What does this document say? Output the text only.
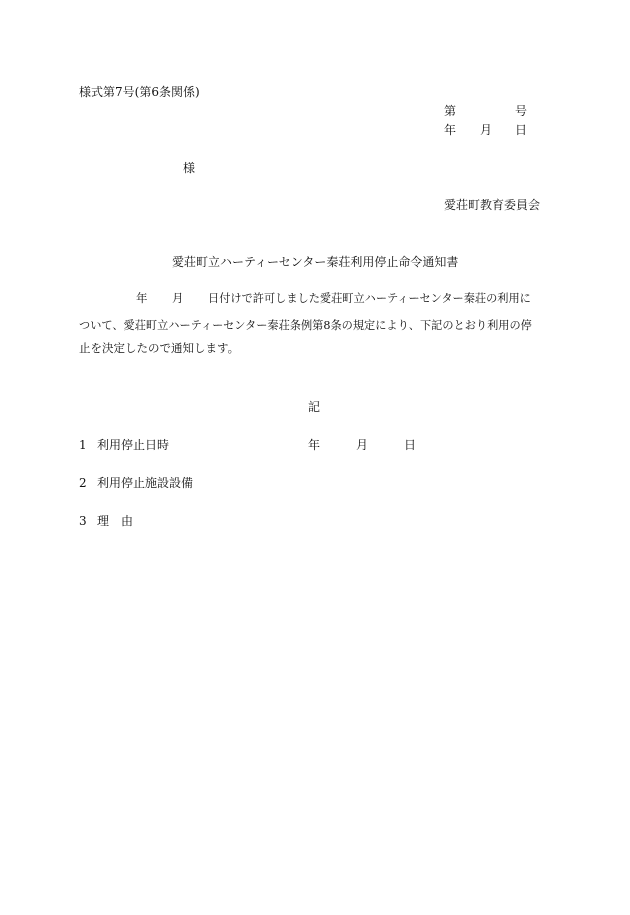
様式第7号(第6条関係)
第	号
年 月 日
様
愛荘町教育委員会
愛荘町立ハーティーセンター秦荘利用停止命令通知書
年 月 日付けで許可しました愛荘町立ハーティーセンター秦荘の利用に
ついて、愛荘町立ハーティーセンター秦荘条例第8条の規定により、下記のとおり利用の停
止を決定したので通知します。
記
1 利用停止日時	年	月	日
2 利用停止施設設備
3 理　由
